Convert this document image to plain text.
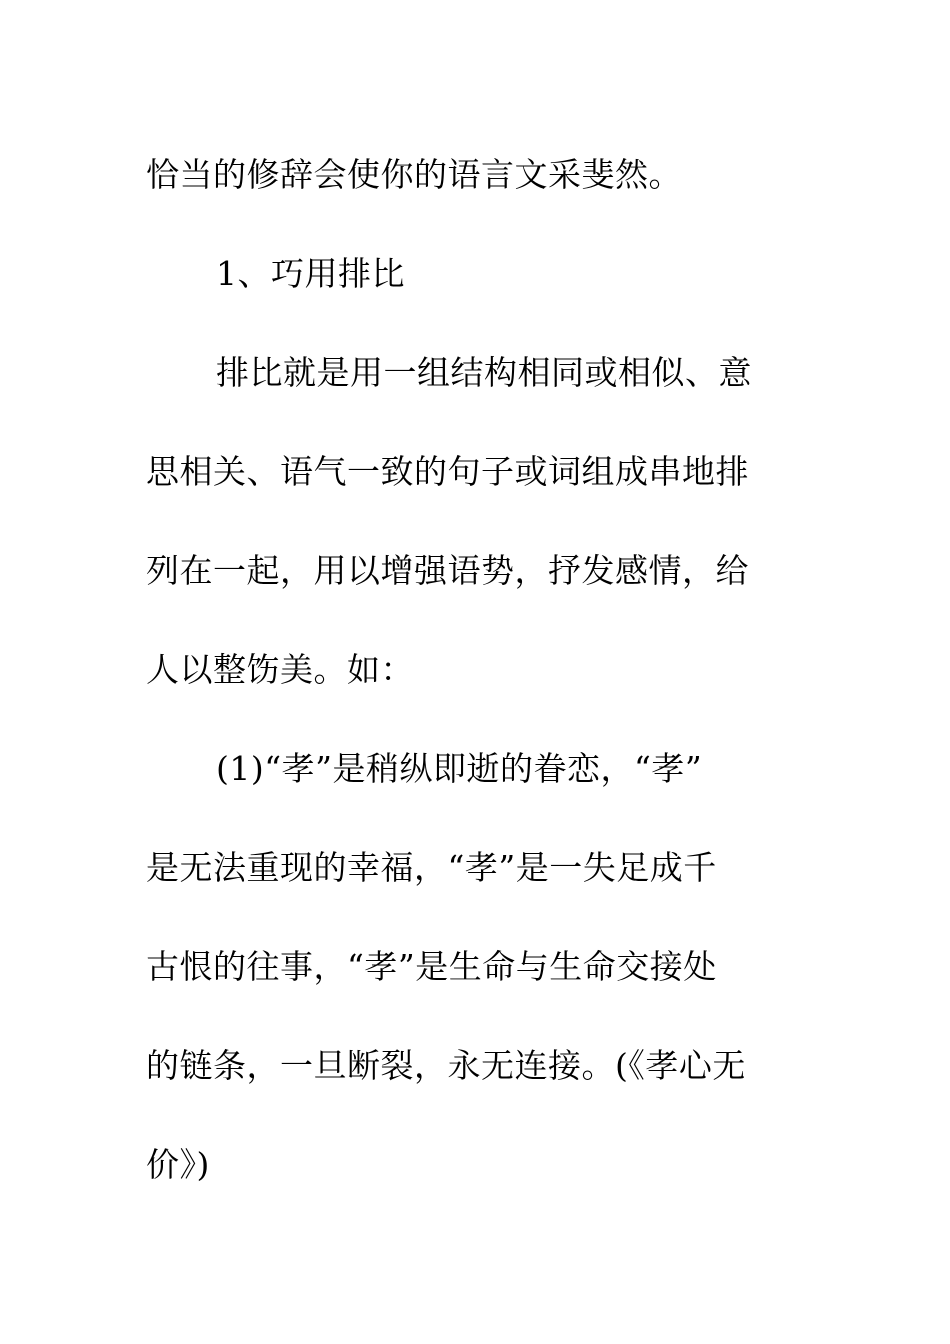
恰当的修辞会使你的语言文采斐然。
1、巧用排比
排比就是用一组结构相同或相似、意
思相关、语气一致的句子或词组成串地排
列在一起，用以增强语势，抒发感情，给
人以整饬美。如：
(1)“孝”是稍纵即逝的眷恋，“孝”
是无法重现的幸福，“孝”是一失足成千
古恨的往事，“孝”是生命与生命交接处
的链条，一旦断裂，永无连接。(《孝心无
价》)
